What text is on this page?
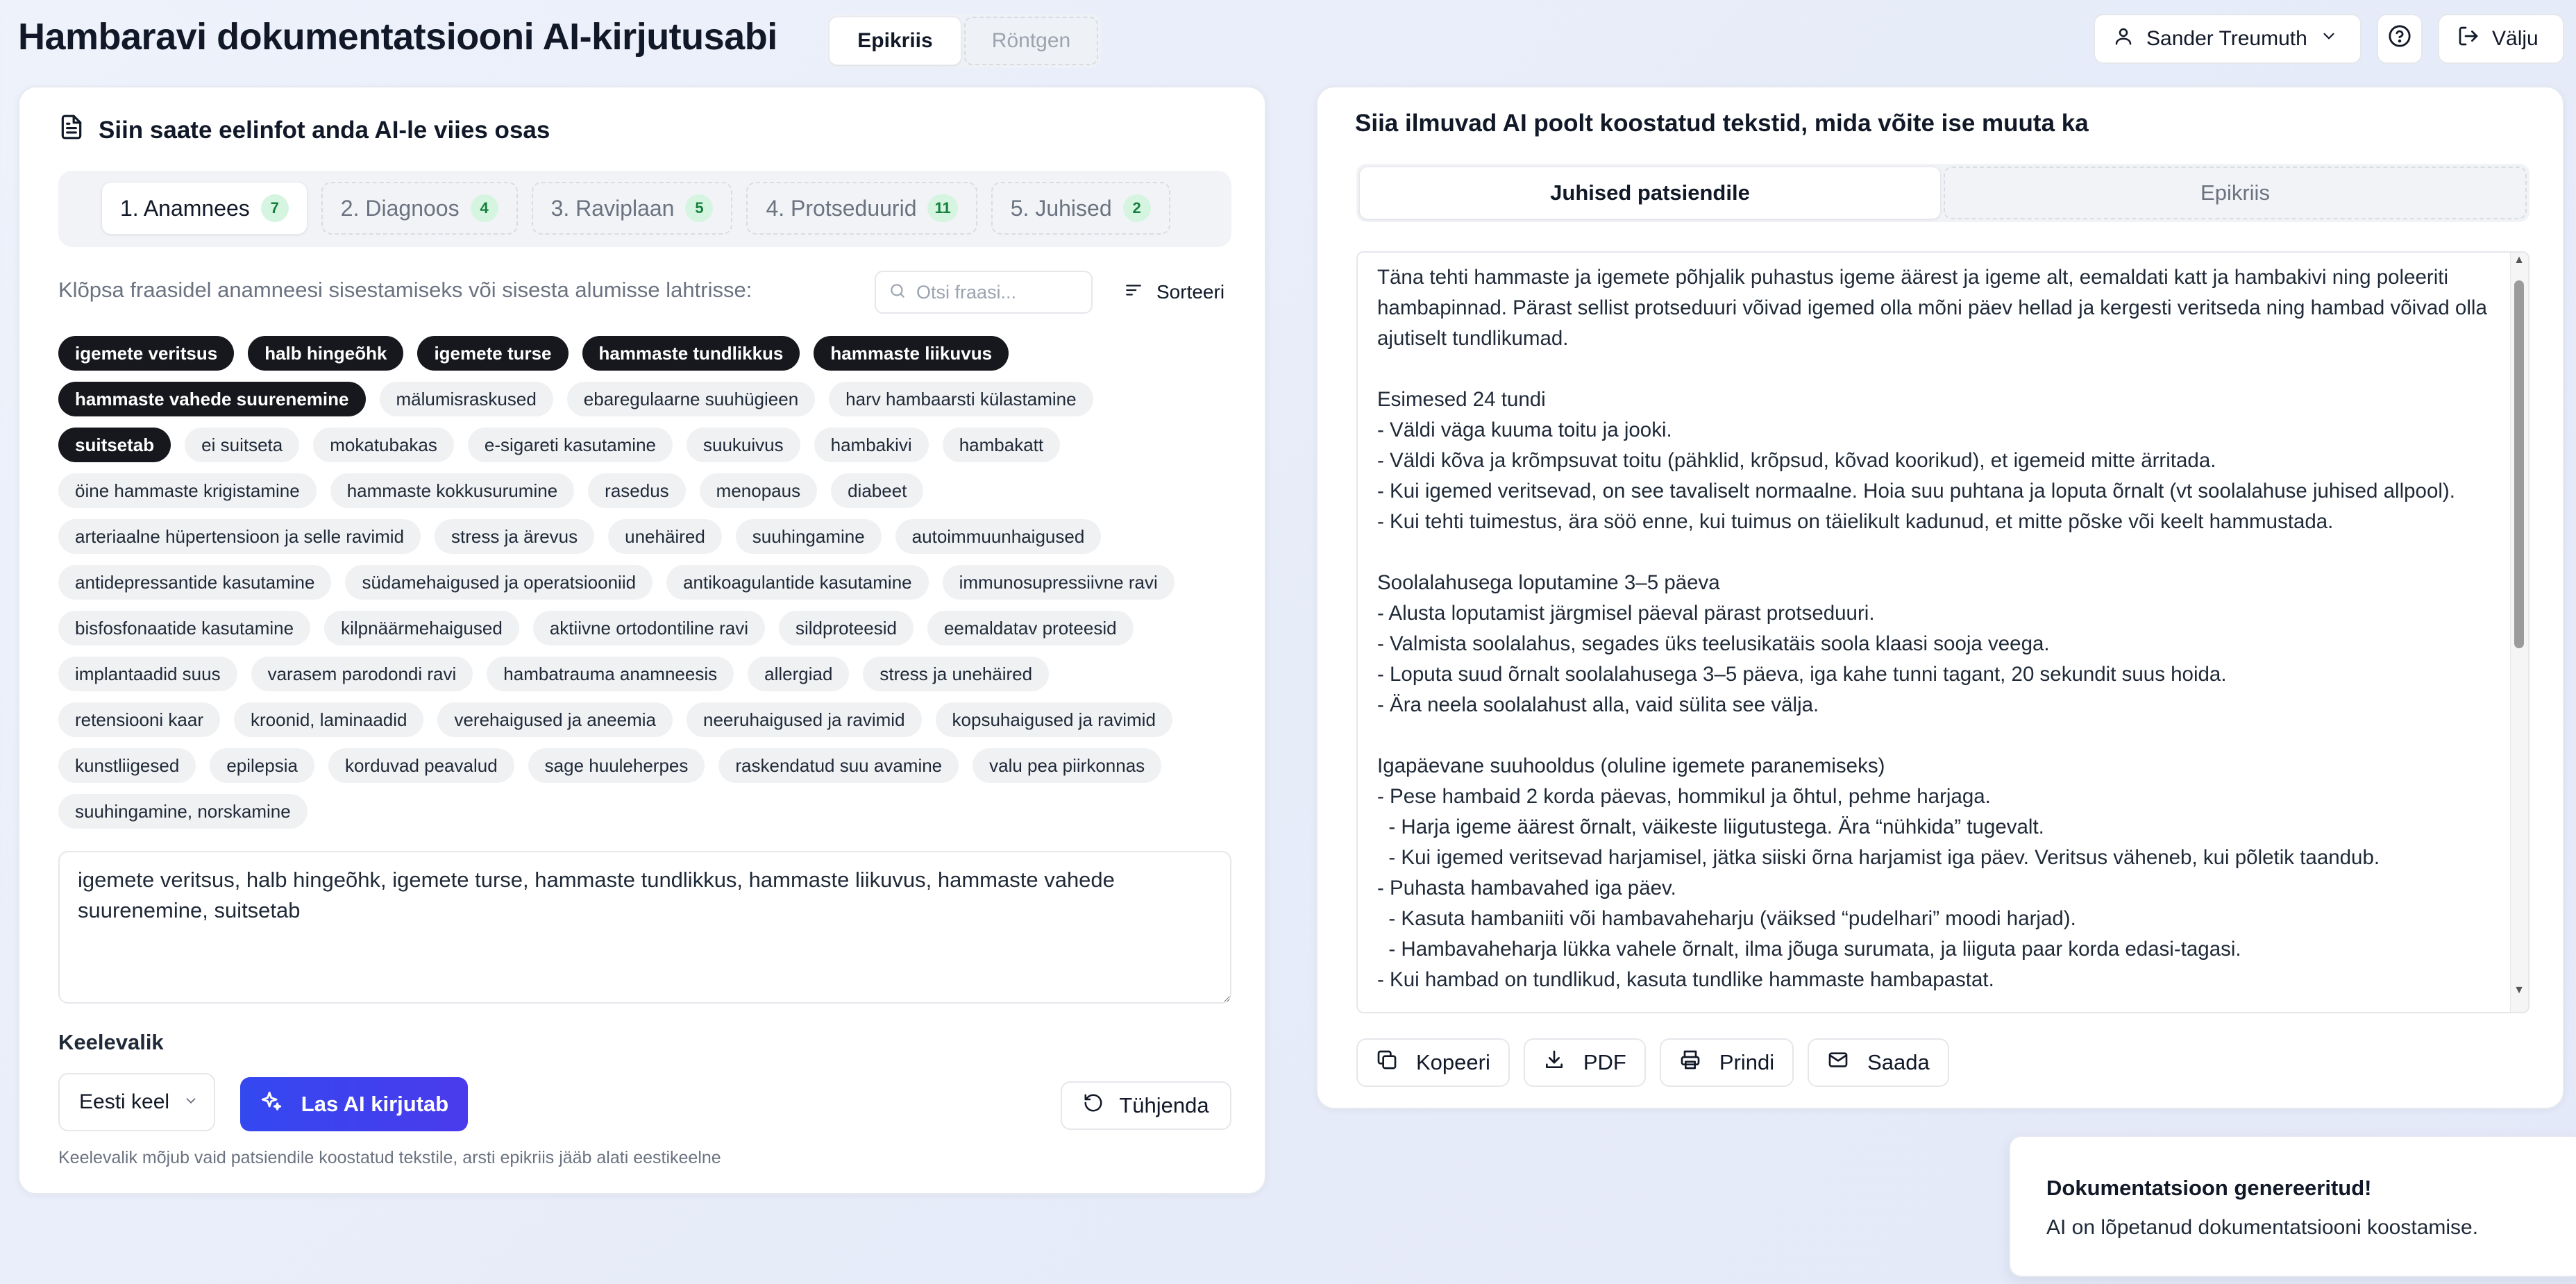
Hambaravi dokumentatsiooni AI-kirjutusabi	Epikriis	Röntgen	Sander Treumuth	Välju
Siin saate eelinfot anda AI-le viies osas
1. Anamnees	7	2. Diagnoos	4	3. Raviplaan	5	4. Protseduurid	11	5. Juhised	2
Klõpsa fraasidel anamneesi sisestamiseks või sisesta alumisse lahtrisse:
Otsi fraasi...	Sorteeri
igemete veritsus	halb hingeõhk	igemete turse	hammaste tundlikkus	hammaste liikuvus
hammaste vahede suurenemine	mälumisraskused	ebaregulaarne suuhügieen	harv hambaarsti külastamine
suitsetab	ei suitseta	mokatubakas	e-sigareti kasutamine	suukuivus	hambakivi	hambakatt
öine hammaste krigistamine	hammaste kokkusurumine	rasedus	menopaus	diabeet
arteriaalne hüpertensioon ja selle ravimid	stress ja ärevus	unehäired	suuhingamine	autoimmuunhaigused
antidepressantide kasutamine	südamehaigused ja operatsiooniid	antikoagulantide kasutamine	immunosupressiivne ravi
bisfosfonaatide kasutamine	kilpnäärmehaigused	aktiivne ortodontiline ravi	sildproteesid	eemaldatav proteesid
implantaadid suus	varasem parodondi ravi	hambatrauma anamneesis	allergiad	stress ja unehäired
retensiooni kaar	kroonid, laminaadid	verehaigused ja aneemia	neeruhaigused ja ravimid	kopsuhaigused ja ravimid
kunstliigesed	epilepsia	korduvad peavalud	sage huuleherpes	raskendatud suu avamine	valu pea piirkonnas
suuhingamine, norskamine
igemete veritsus, halb hingeõhk, igemete turse, hammaste tundlikkus, hammaste liikuvus, hammaste vahede suurenemine, suitsetab
Keelevalik
Eesti keel	Las AI kirjutab	Tühjenda
Keelevalik mõjub vaid patsiendile koostatud tekstile, arsti epikriis jääb alati eestikeelne
Siia ilmuvad AI poolt koostatud tekstid, mida võite ise muuta ka
Juhised patsiendile	Epikriis
Täna tehti hammaste ja igemete põhjalik puhastus igeme äärest ja igeme alt, eemaldati katt ja hambakivi ning poleeriti hambapinnad. Pärast sellist protseduuri võivad igemed olla mõni päev hellad ja kergesti veritseda ning hambad võivad olla ajutiselt tundlikumad.

Esimesed 24 tundi
- Väldi väga kuuma toitu ja jooki.
- Väldi kõva ja krõmpsuvat toitu (pähklid, krõpsud, kõvad koorikud), et igemeid mitte ärritada.
- Kui igemed veritsevad, on see tavaliselt normaalne. Hoia suu puhtana ja loputa õrnalt (vt soolalahuse juhised allpool).
- Kui tehti tuimestus, ära söö enne, kui tuimus on täielikult kadunud, et mitte põske või keelt hammustada.

Soolalahusega loputamine 3–5 päeva
- Alusta loputamist järgmisel päeval pärast protseduuri.
- Valmista soolalahus, segades üks teelusikatäis soola klaasi sooja veega.
- Loputa suud õrnalt soolalahusega 3–5 päeva, iga kahe tunni tagant, 20 sekundit suus hoida.
- Ära neela soolalahust alla, vaid sülita see välja.

Igapäevane suuhooldus (oluline igemete paranemiseks)
- Pese hambaid 2 korda päevas, hommikul ja õhtul, pehme harjaga.
- Harja igeme äärest õrnalt, väikeste liigutustega. Ära “nühkida” tugevalt.
- Kui igemed veritsevad harjamisel, jätka siiski õrna harjamist iga päev. Veritsus väheneb, kui põletik taandub.
- Puhasta hambavahed iga päev.
- Kasuta hambaniiti või hambavaheharju (väiksed “pudelhari” moodi harjad).
- Hambavaheharja lükka vahele õrnalt, ilma jõuga surumata, ja liiguta paar korda edasi-tagasi.
- Kui hambad on tundlikud, kasuta tundlike hammaste hambapastat.
▲
▼
Kopeeri	PDF	Prindi	Saada
Dokumentatsioon genereeritud!
AI on lõpetanud dokumentatsiooni koostamise.
